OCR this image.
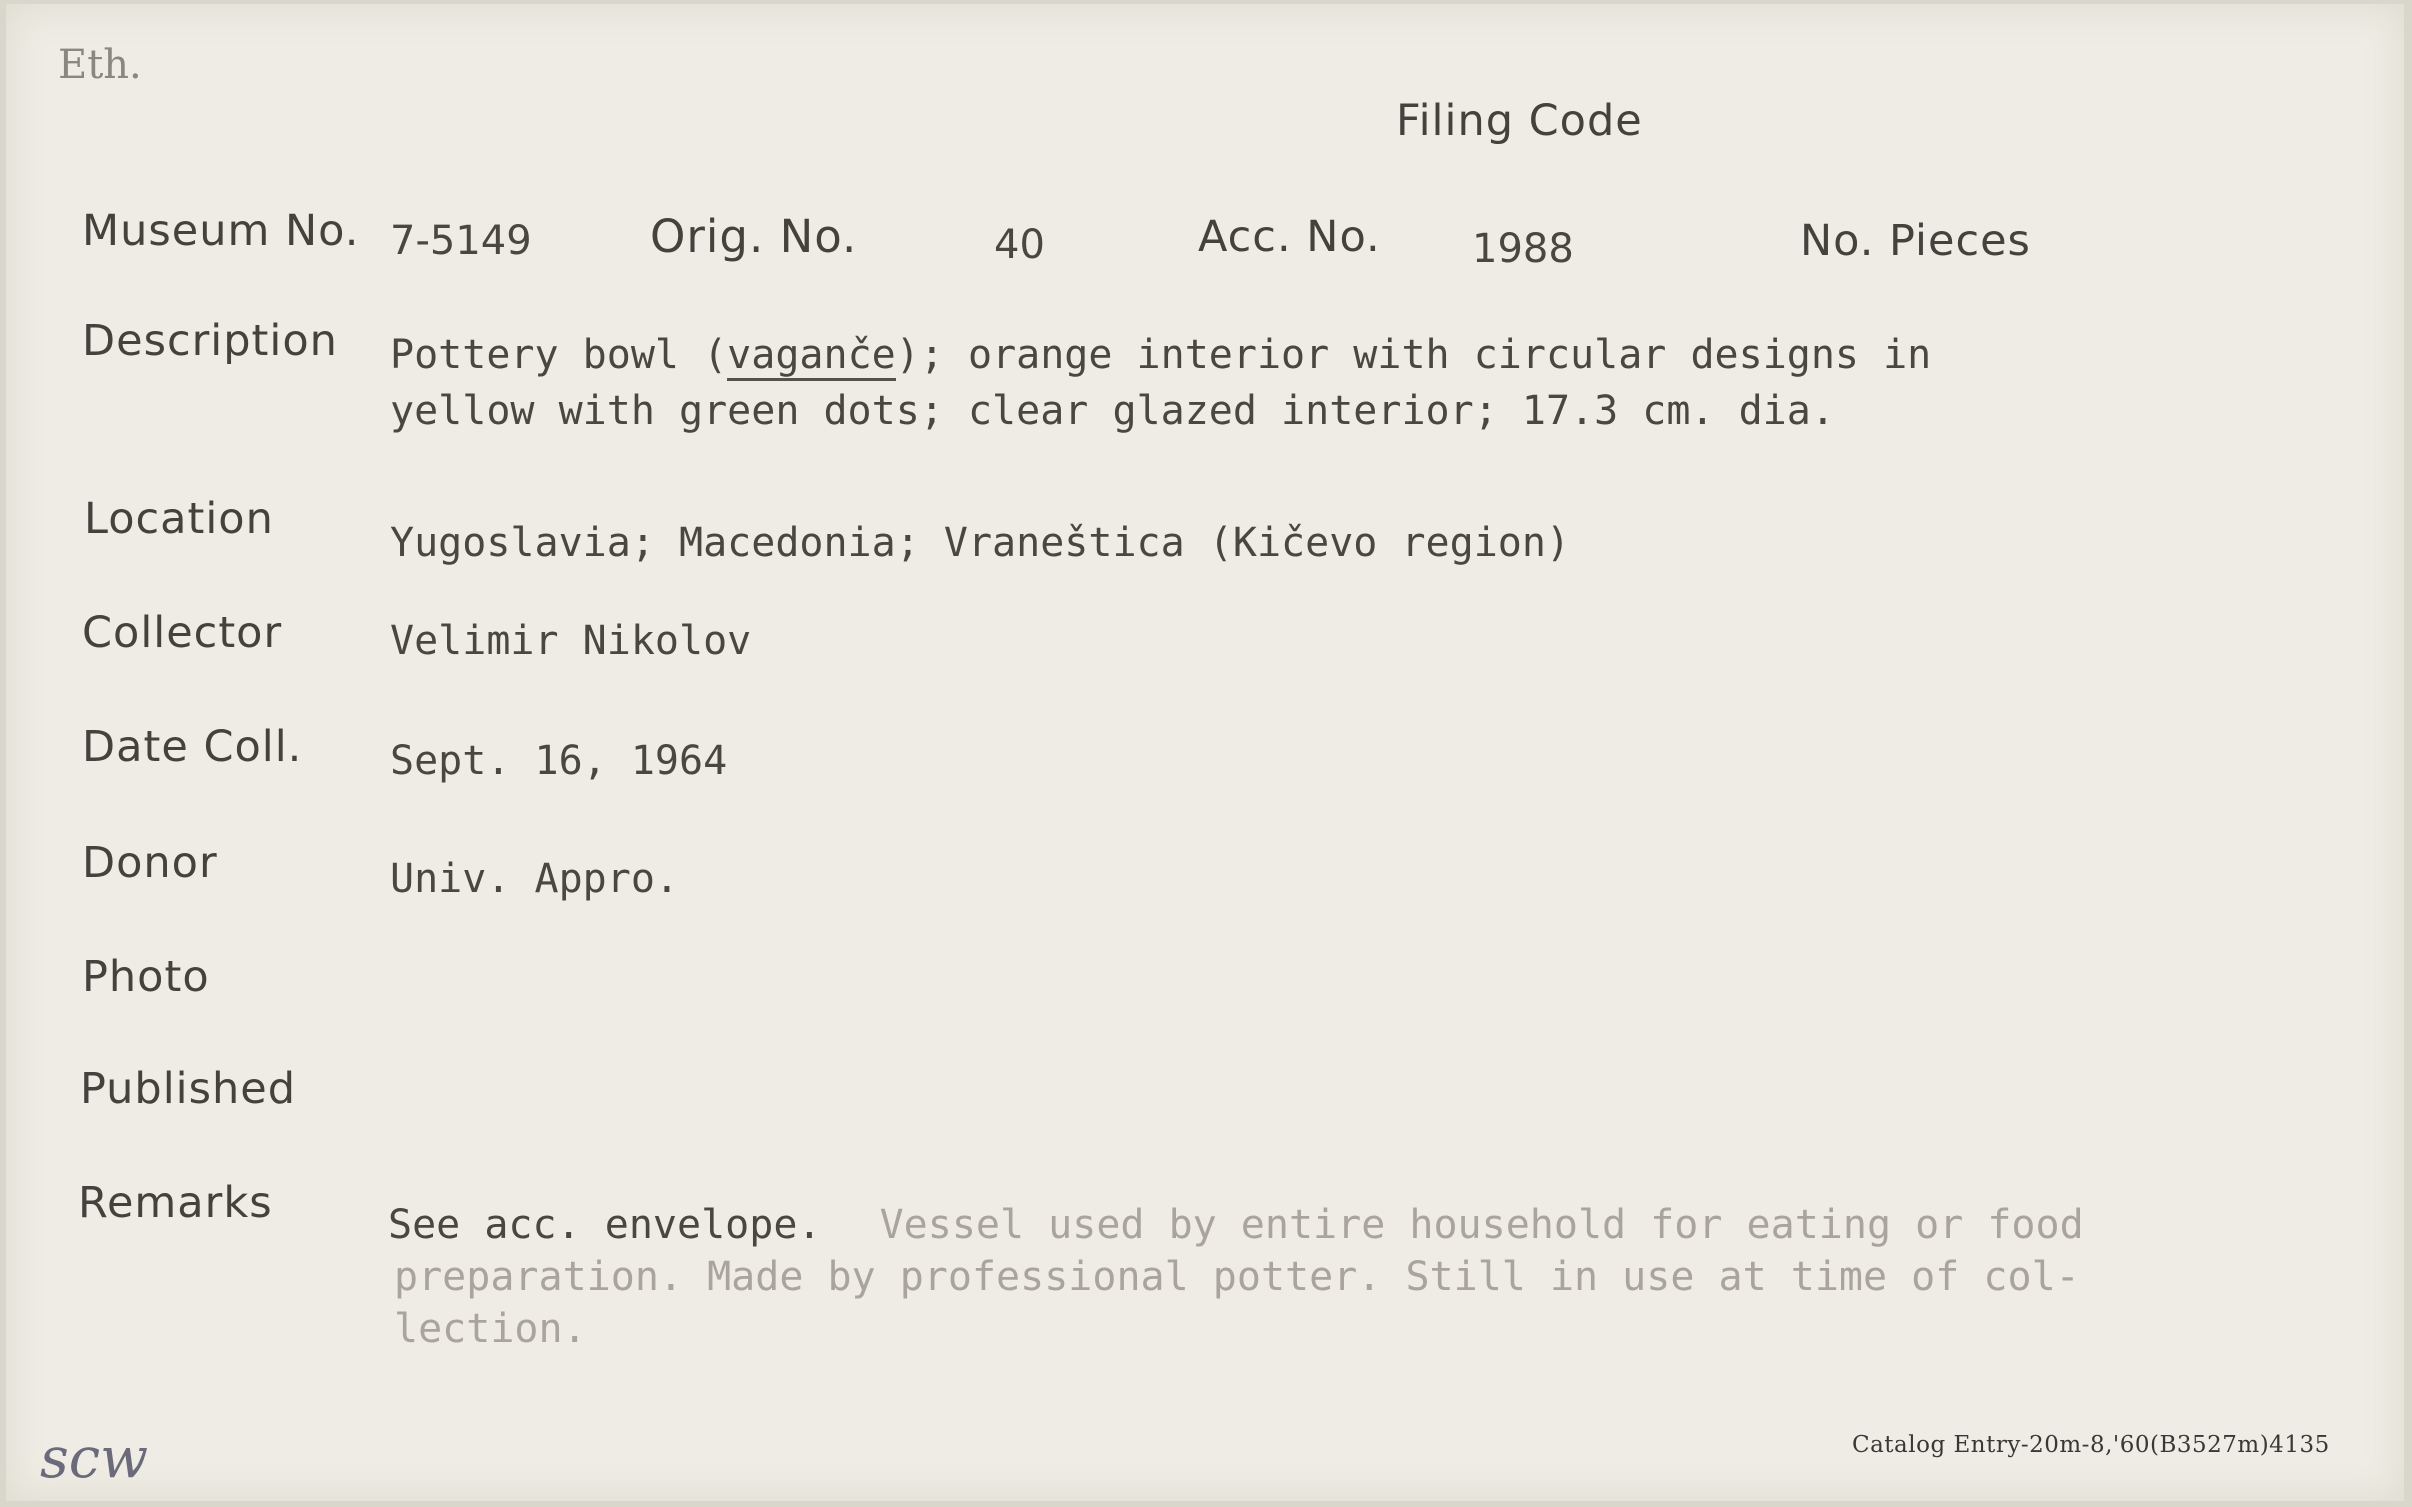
Eth.
Filing Code
Museum No. 7-5149	Orig. No.	40	Acc. No. 1988	No. Pieces
Description Pottery bowl (vagančе); orange interior with circular designs in
yellow with green dots; clear glazed interior; 17.3 cm. dia.
Location	Yugoslavia; Macedonia; Vraneštica (Kičevo region)
Collector	Velimir Nikolov
Date Coll. Sept. 16, 1964
Donor	Univ. Appro.
Photo
Published
Remarks	See acc. envelope. Vessel used by entire household for eating or food
preparation. Made by professional potter. Still in use at time of col-
lection.
scw	Catalog Entry-20m-8,'60(B3527m)4135
